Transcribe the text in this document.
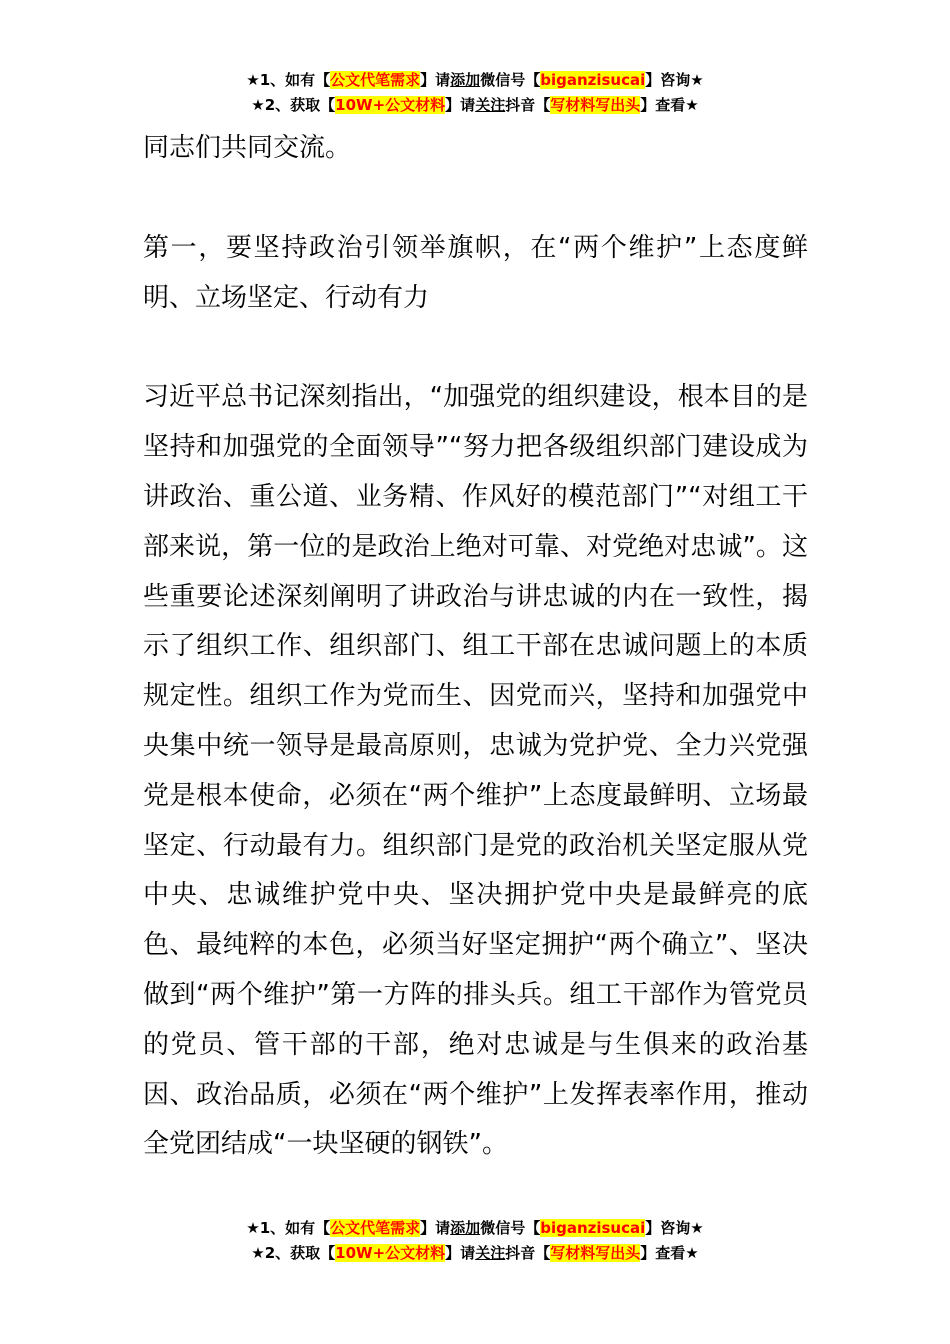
★1、如有【公文代笔需求】请添加微信号【biganzisucai】咨询★
★2、获取【10W+公文材料】请关注抖音【写材料写出头】查看★

同志们共同交流。

第一，要坚持政治引领举旗帜，在“两个维护”上态度鲜明、立场坚定、行动有力

习近平总书记深刻指出，“加强党的组织建设，根本目的是坚持和加强党的全面领导”“努力把各级组织部门建设成为讲政治、重公道、业务精、作风好的模范部门”“对组工干部来说，第一位的是政治上绝对可靠、对党绝对忠诚”。这些重要论述深刻阐明了讲政治与讲忠诚的内在一致性，揭示了组织工作、组织部门、组工干部在忠诚问题上的本质规定性。组织工作为党而生、因党而兴，坚持和加强党中央集中统一领导是最高原则，忠诚为党护党、全力兴党强党是根本使命，必须在“两个维护”上态度最鲜明、立场最坚定、行动最有力。组织部门是党的政治机关坚定服从党中央、忠诚维护党中央、坚决拥护党中央是最鲜亮的底色、最纯粹的本色，必须当好坚定拥护“两个确立”、坚决做到“两个维护”第一方阵的排头兵。组工干部作为管党员的党员、管干部的干部，绝对忠诚是与生俱来的政治基因、政治品质，必须在“两个维护”上发挥表率作用，推动全党团结成“一块坚硬的钢铁”。

★1、如有【公文代笔需求】请添加微信号【biganzisucai】咨询★
★2、获取【10W+公文材料】请关注抖音【写材料写出头】查看★
